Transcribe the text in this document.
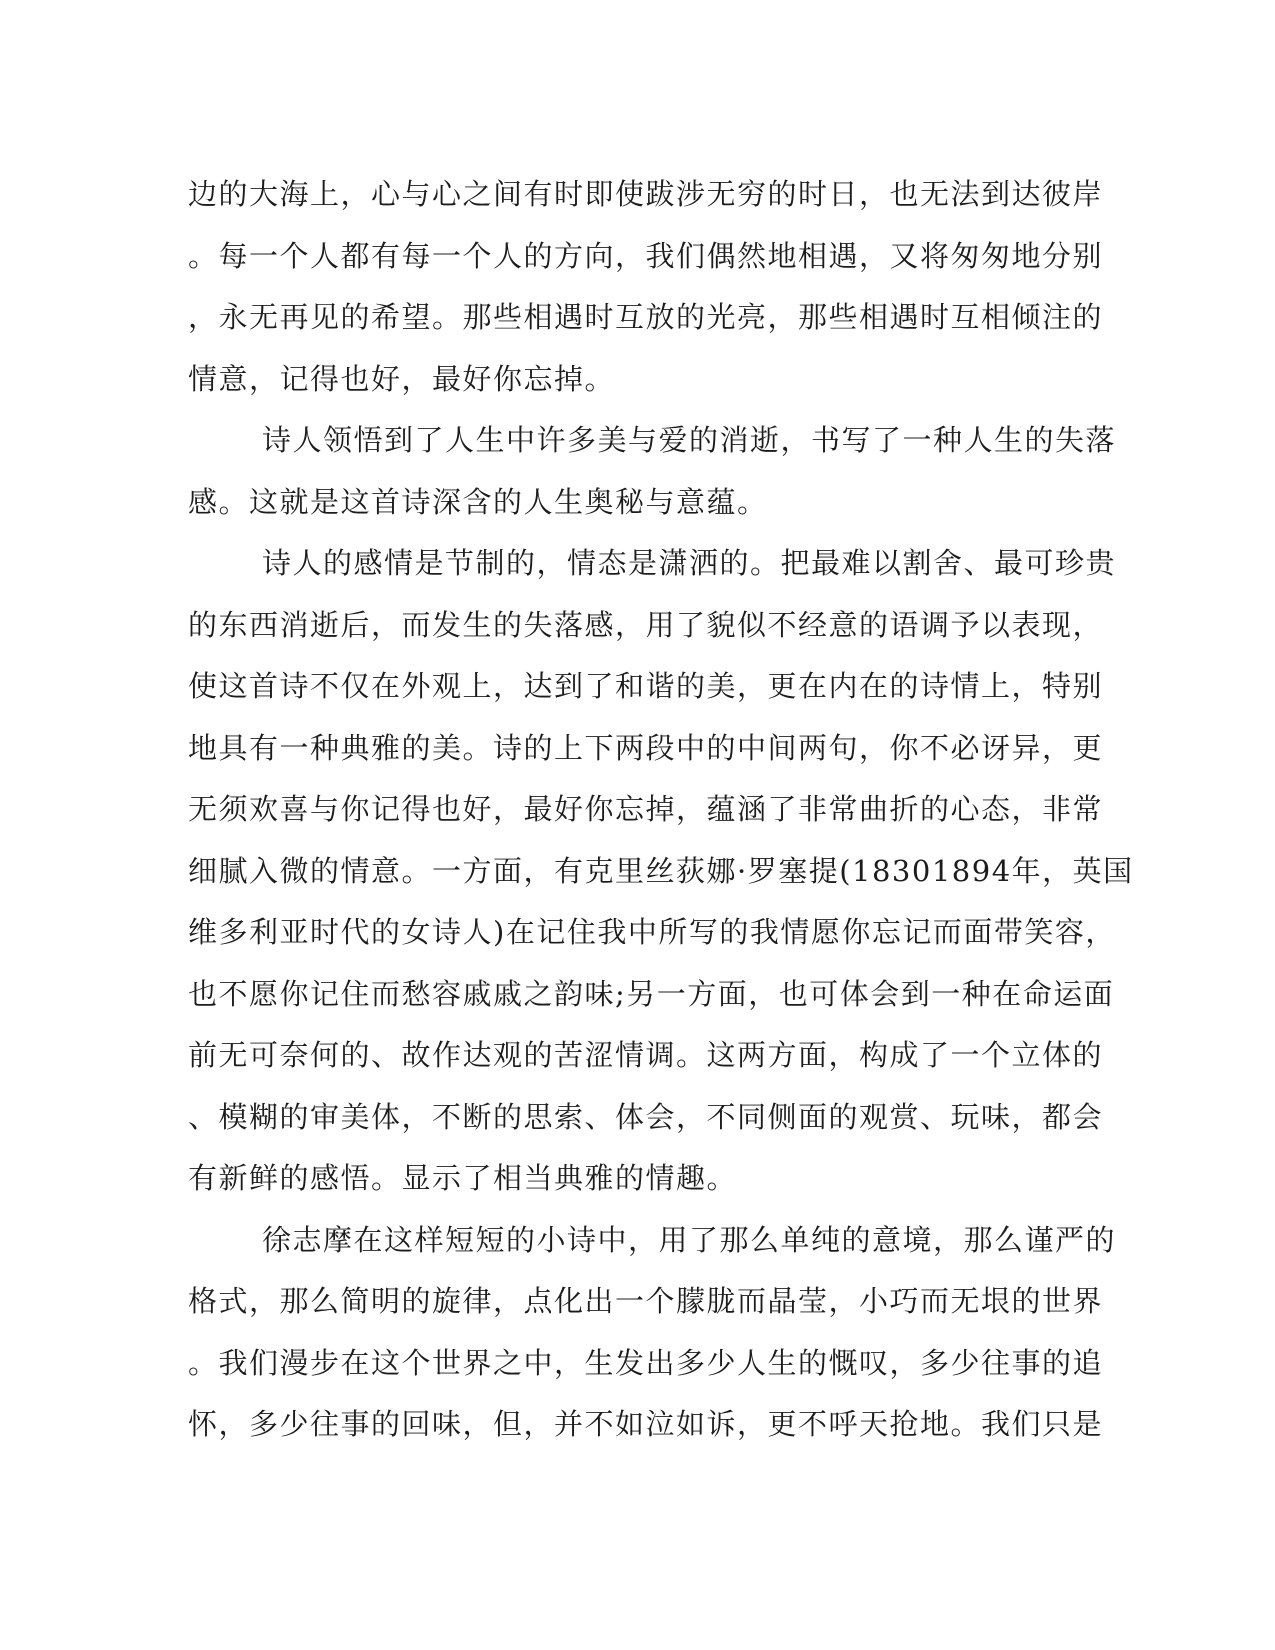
边的大海上，心与心之间有时即使跋涉无穷的时日，也无法到达彼岸
。每一个人都有每一个人的方向，我们偶然地相遇，又将匆匆地分别
，永无再见的希望。那些相遇时互放的光亮，那些相遇时互相倾注的
情意，记得也好，最好你忘掉。
诗人领悟到了人生中许多美与爱的消逝，书写了一种人生的失落
感。这就是这首诗深含的人生奥秘与意蕴。
诗人的感情是节制的，情态是潇洒的。把最难以割舍、最可珍贵
的东西消逝后，而发生的失落感，用了貌似不经意的语调予以表现，
使这首诗不仅在外观上，达到了和谐的美，更在内在的诗情上，特别
地具有一种典雅的美。诗的上下两段中的中间两句，你不必讶异，更
无须欢喜与你记得也好，最好你忘掉，蕴涵了非常曲折的心态，非常
细腻入微的情意。一方面，有克里丝荻娜·罗塞提(18301894年，英国
维多利亚时代的女诗人)在记住我中所写的我情愿你忘记而面带笑容，
也不愿你记住而愁容戚戚之韵味;另一方面，也可体会到一种在命运面
前无可奈何的、故作达观的苦涩情调。这两方面，构成了一个立体的
、模糊的审美体，不断的思索、体会，不同侧面的观赏、玩味，都会
有新鲜的感悟。显示了相当典雅的情趣。
徐志摩在这样短短的小诗中，用了那么单纯的意境，那么谨严的
格式，那么简明的旋律，点化出一个朦胧而晶莹，小巧而无垠的世界
。我们漫步在这个世界之中，生发出多少人生的慨叹，多少往事的追
怀，多少往事的回味，但，并不如泣如诉，更不呼天抢地。我们只是
